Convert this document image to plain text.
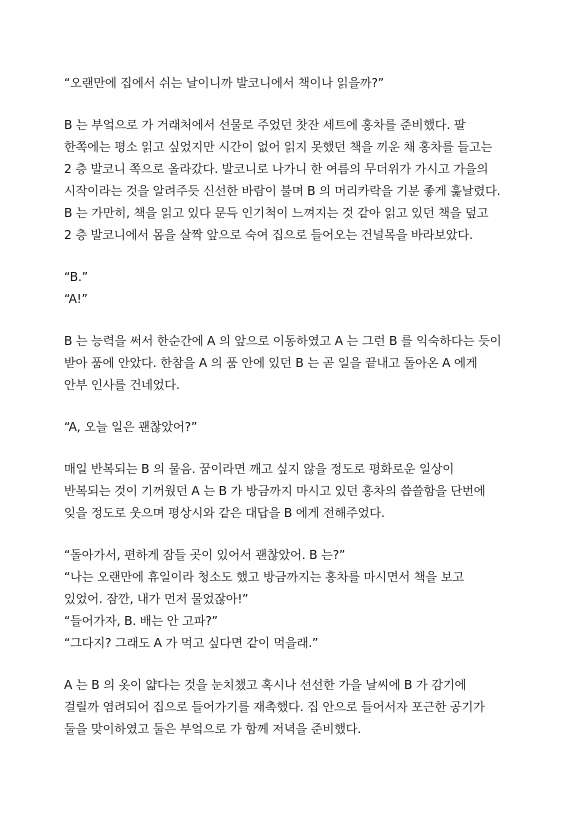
“오랜만에 집에서 쉬는 날이니까 발코니에서 책이나 읽을까?”

B 는 부엌으로 가 거래처에서 선물로 주었던 찻잔 세트에 홍차를 준비했다. 팔
한쪽에는 평소 읽고 싶었지만 시간이 없어 읽지 못했던 책을 끼운 채 홍차를 들고는
2 층 발코니 쪽으로 올라갔다. 발코니로 나가니 한 여름의 무더위가 가시고 가을의
시작이라는 것을 알려주듯 신선한 바람이 불며 B 의 머리카락을 기분 좋게 훑날렸다.
B 는 가만히, 책을 읽고 있다 문득 인기척이 느껴지는 것 같아 읽고 있던 책을 덮고
2 층 발코니에서 몸을 살짝 앞으로 숙여 집으로 들어오는 건널목을 바라보았다.

“B.”
“A!”

B 는 능력을 써서 한순간에 A 의 앞으로 이동하였고 A 는 그런 B 를 익숙하다는 듯이
받아 품에 안았다. 한참을 A 의 품 안에 있던 B 는 곧 일을 끝내고 돌아온 A 에게
안부 인사를 건네었다.

“A, 오늘 일은 괜찮았어?”

매일 반복되는 B 의 물음. 꿈이라면 깨고 싶지 않을 정도로 평화로운 일상이
반복되는 것이 기꺼웠던 A 는 B 가 방금까지 마시고 있던 홍차의 씁쓸함을 단번에
잊을 정도로 웃으며 평상시와 같은 대답을 B 에게 전해주었다.

“돌아가서, 편하게 잠들 곳이 있어서 괜찮았어. B 는?”
“나는 오랜만에 휴일이라 청소도 했고 방금까지는 홍차를 마시면서 책을 보고
있었어. 잠깐, 내가 먼저 물었잖아!”
“들어가자, B. 배는 안 고파?”
“그다지? 그래도 A 가 먹고 싶다면 같이 먹을래.”

A 는 B 의 옷이 얇다는 것을 눈치챘고 혹시나 선선한 가을 날씨에 B 가 감기에
걸릴까 염려되어 집으로 들어가기를 재촉했다. 집 안으로 들어서자 포근한 공기가
둘을 맞이하였고 둘은 부엌으로 가 함께 저녁을 준비했다.
